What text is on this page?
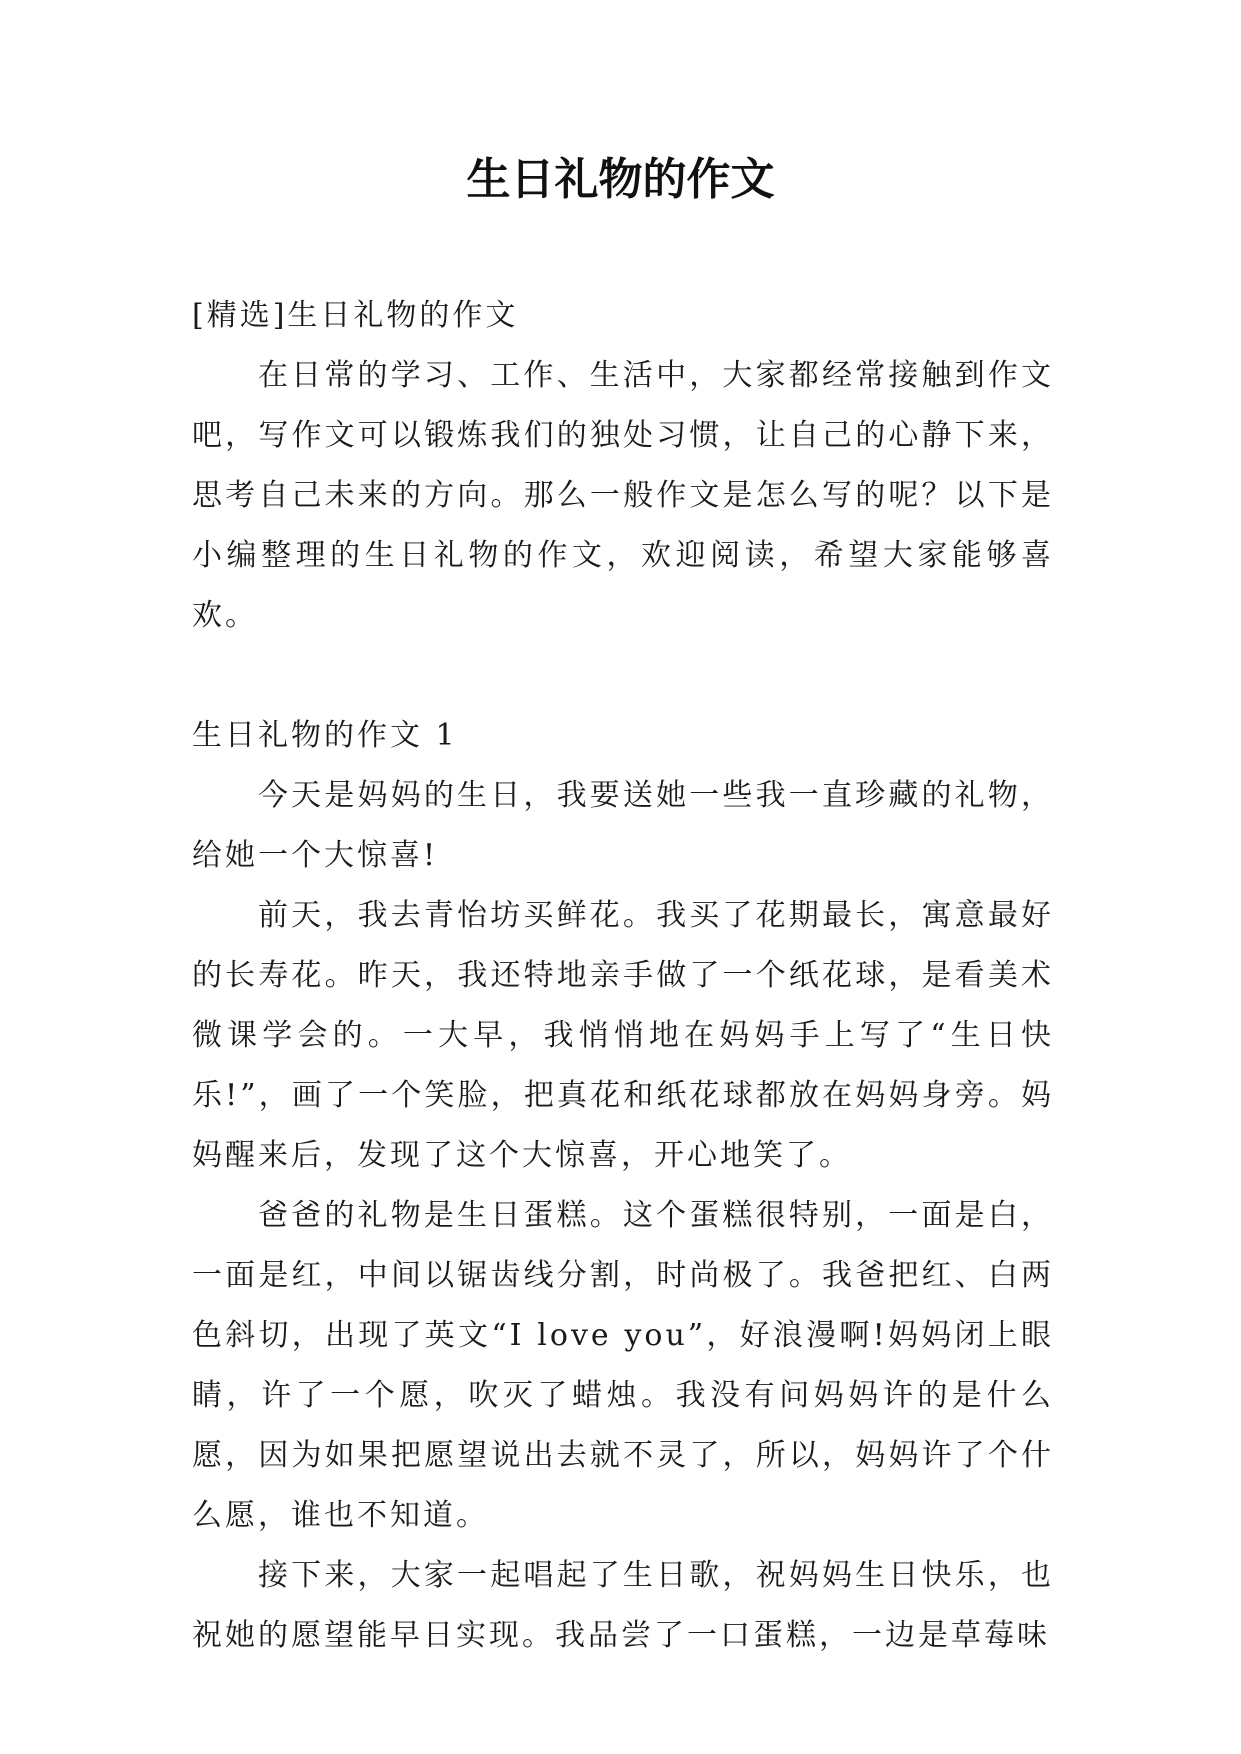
生日礼物的作文

[精选]生日礼物的作文

在日常的学习、工作、生活中，大家都经常接触到作文吧，写作文可以锻炼我们的独处习惯，让自己的心静下来，思考自己未来的方向。那么一般作文是怎么写的呢？以下是小编整理的生日礼物的作文，欢迎阅读，希望大家能够喜欢。

生日礼物的作文 1

今天是妈妈的生日，我要送她一些我一直珍藏的礼物，给她一个大惊喜!

前天，我去青怡坊买鲜花。我买了花期最长，寓意最好的长寿花。昨天，我还特地亲手做了一个纸花球，是看美术微课学会的。一大早，我悄悄地在妈妈手上写了“生日快乐!”，画了一个笑脸，把真花和纸花球都放在妈妈身旁。妈妈醒来后，发现了这个大惊喜，开心地笑了。

爸爸的礼物是生日蛋糕。这个蛋糕很特别，一面是白，一面是红，中间以锯齿线分割，时尚极了。我爸把红、白两色斜切，出现了英文“I love you”，好浪漫啊!妈妈闭上眼睛，许了一个愿，吹灭了蜡烛。我没有问妈妈许的是什么愿，因为如果把愿望说出去就不灵了，所以，妈妈许了个什么愿，谁也不知道。

接下来，大家一起唱起了生日歌，祝妈妈生日快乐，也祝她的愿望能早日实现。我品尝了一口蛋糕，一边是草莓味
